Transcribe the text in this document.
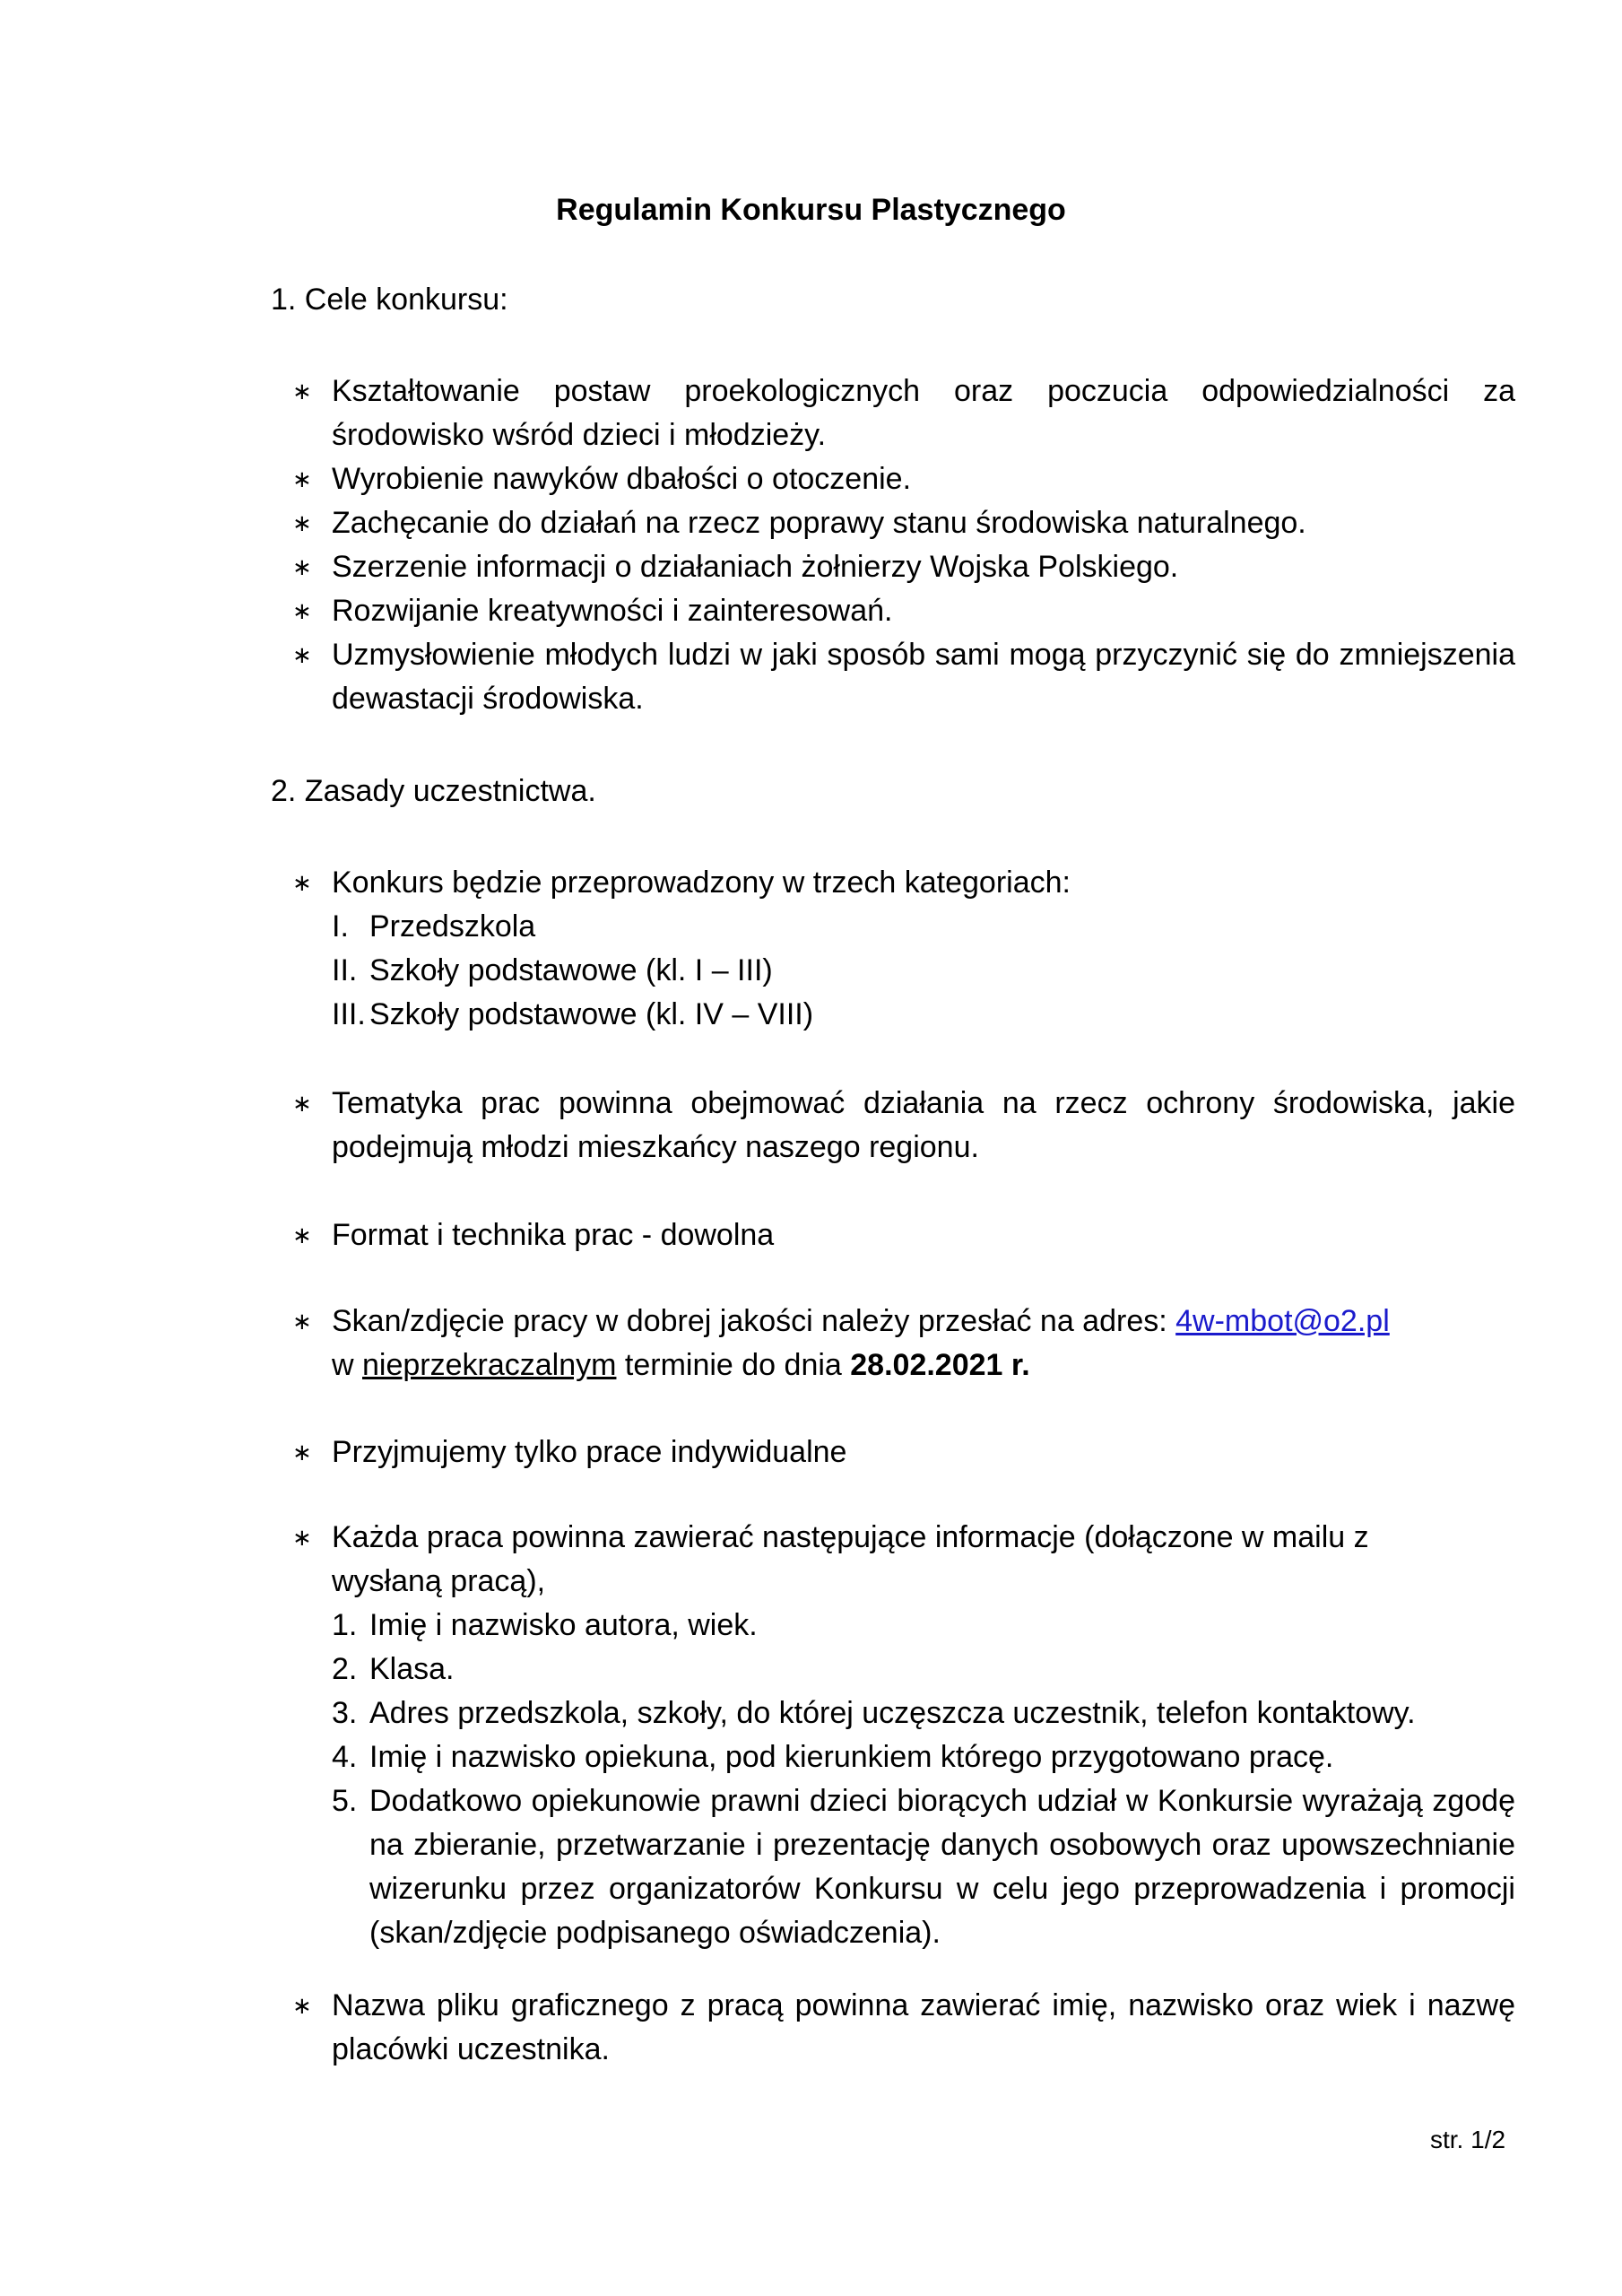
Regulamin Konkursu Plastycznego
1. Cele konkursu:
∗ Kształtowanie postaw proekologicznych oraz poczucia odpowiedzialności za środowisko wśród dzieci i młodzieży.
∗ Wyrobienie nawyków dbałości o otoczenie.
∗ Zachęcanie do działań na rzecz poprawy stanu środowiska naturalnego.
∗ Szerzenie informacji o działaniach żołnierzy Wojska Polskiego.
∗ Rozwijanie kreatywności i zainteresowań.
∗ Uzmysłowienie młodych ludzi w jaki sposób sami mogą przyczynić się do zmniejszenia dewastacji środowiska.
2. Zasady uczestnictwa.
∗ Konkurs będzie przeprowadzony w trzech kategoriach:
I. Przedszkola
II. Szkoły podstawowe (kl. I – III)
III. Szkoły podstawowe (kl. IV – VIII)
∗ Tematyka prac powinna obejmować działania na rzecz ochrony środowiska, jakie podejmują młodzi mieszkańcy naszego regionu.
∗ Format i technika prac - dowolna
∗ Skan/zdjęcie pracy w dobrej jakości należy przesłać na adres: 4w-mbot@o2.pl
w nieprzekraczalnym terminie do dnia 28.02.2021 r.
∗ Przyjmujemy tylko prace indywidualne
∗ Każda praca powinna zawierać następujące informacje (dołączone w mailu z wysłaną pracą),
1. Imię i nazwisko autora, wiek.
2. Klasa.
3. Adres przedszkola, szkoły, do której uczęszcza uczestnik, telefon kontaktowy.
4. Imię i nazwisko opiekuna, pod kierunkiem którego przygotowano pracę.
5. Dodatkowo opiekunowie prawni dzieci biorących udział w Konkursie wyrażają zgodę na zbieranie, przetwarzanie i prezentację danych osobowych oraz upowszechnianie wizerunku przez organizatorów Konkursu w celu jego przeprowadzenia i promocji (skan/zdjęcie podpisanego oświadczenia).
∗ Nazwa pliku graficznego z pracą powinna zawierać imię, nazwisko oraz wiek i nazwę placówki uczestnika.
str. 1/2
